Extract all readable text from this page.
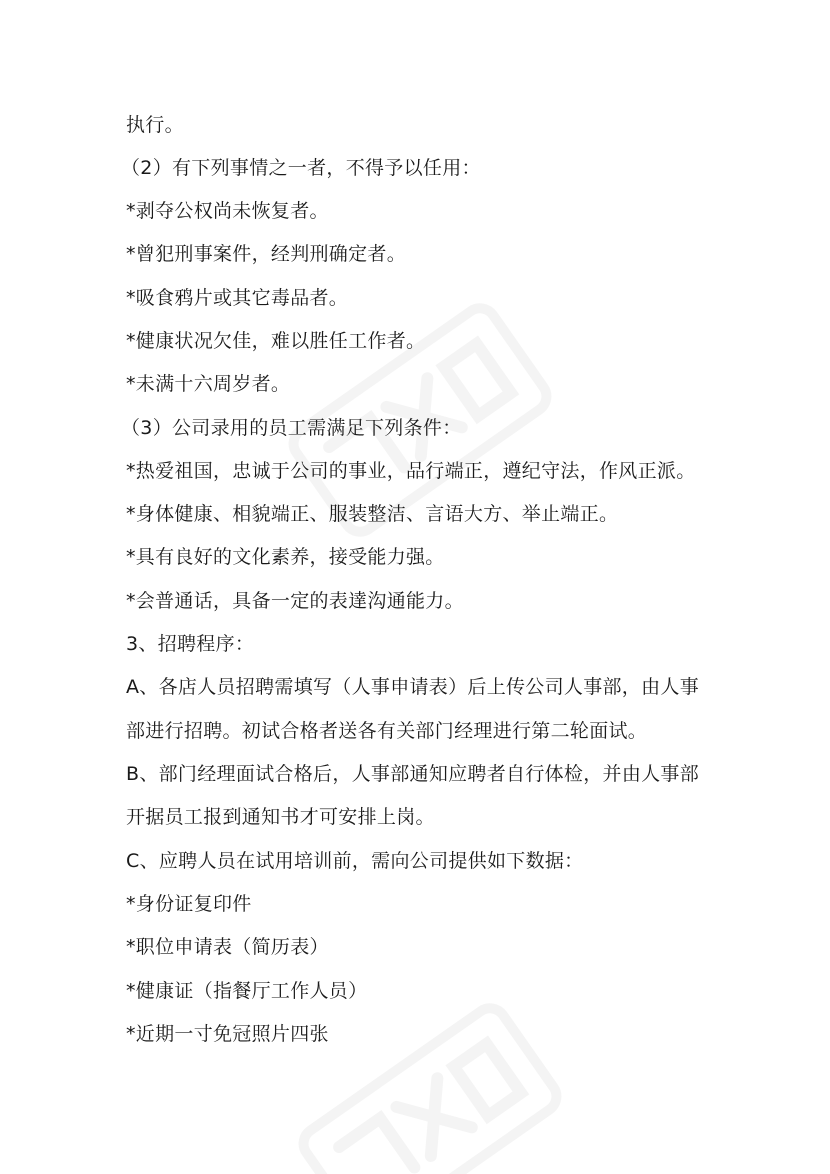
执行。
（2）有下列事情之一者，不得予以任用：
*剥夺公权尚未恢复者。
*曾犯刑事案件，经判刑确定者。
*吸食鸦片或其它毒品者。
*健康状况欠佳，难以胜任工作者。
*未满十六周岁者。
（3）公司录用的员工需满足下列条件：
*热爱祖国，忠诚于公司的事业，品行端正，遵纪守法，作风正派。
*身体健康、相貌端正、服装整洁、言语大方、举止端正。
*具有良好的文化素养，接受能力强。
*会普通话，具备一定的表達沟通能力。
3、招聘程序：
A、各店人员招聘需填写（人事申请表）后上传公司人事部，由人事
部进行招聘。初试合格者送各有关部门经理进行第二轮面试。
B、部门经理面试合格后，人事部通知应聘者自行体检，并由人事部
开据员工报到通知书才可安排上岗。
C、应聘人员在试用培训前，需向公司提供如下数据：
*身份证复印件
*职位申请表（简历表）
*健康证（指餐厅工作人员）
*近期一寸免冠照片四张
